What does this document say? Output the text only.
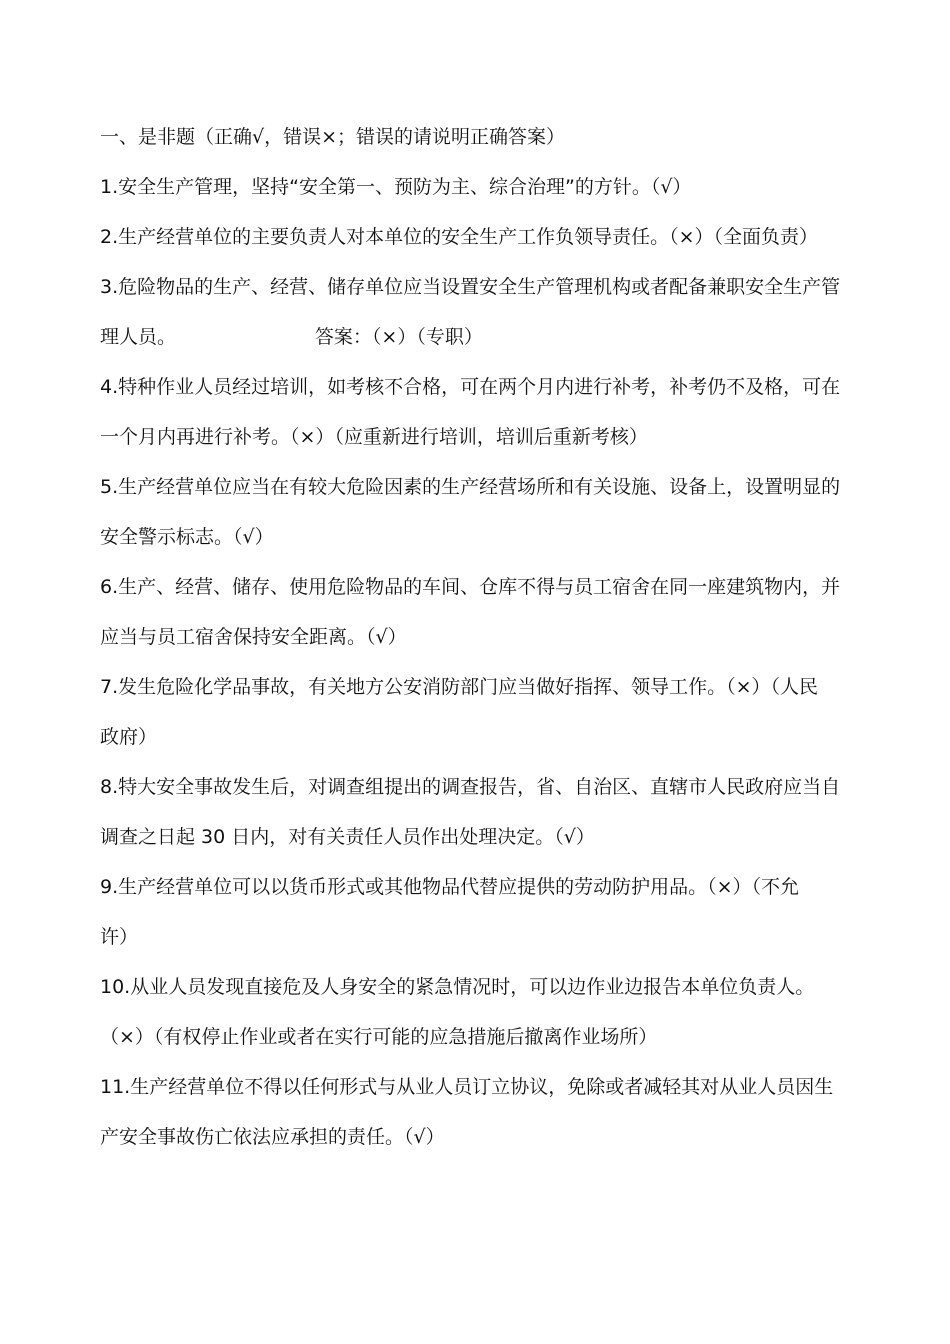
一、是非题（正确√，错误×；错误的请说明正确答案）
1.安全生产管理，坚持“安全第一、预防为主、综合治理”的方针。（√）
2.生产经营单位的主要负责人对本单位的安全生产工作负领导责任。（×）（全面负责）
3.危险物品的生产、经营、储存单位应当设置安全生产管理机构或者配备兼职安全生产管
理人员。                       答案：（×）（专职）
4.特种作业人员经过培训，如考核不合格，可在两个月内进行补考，补考仍不及格，可在
一个月内再进行补考。（×）（应重新进行培训，培训后重新考核）
5.生产经营单位应当在有较大危险因素的生产经营场所和有关设施、设备上，设置明显的
安全警示标志。（√）
6.生产、经营、储存、使用危险物品的车间、仓库不得与员工宿舍在同一座建筑物内，并
应当与员工宿舍保持安全距离。（√）
7.发生危险化学品事故，有关地方公安消防部门应当做好指挥、领导工作。（×）（人民
政府）
8.特大安全事故发生后，对调查组提出的调查报告，省、自治区、直辖市人民政府应当自
调查之日起 30 日内，对有关责任人员作出处理决定。（√）
9.生产经营单位可以以货币形式或其他物品代替应提供的劳动防护用品。（×）（不允
许）
10.从业人员发现直接危及人身安全的紧急情况时，可以边作业边报告本单位负责人。
（×）（有权停止作业或者在实行可能的应急措施后撤离作业场所）
11.生产经营单位不得以任何形式与从业人员订立协议，免除或者减轻其对从业人员因生
产安全事故伤亡依法应承担的责任。（√）
